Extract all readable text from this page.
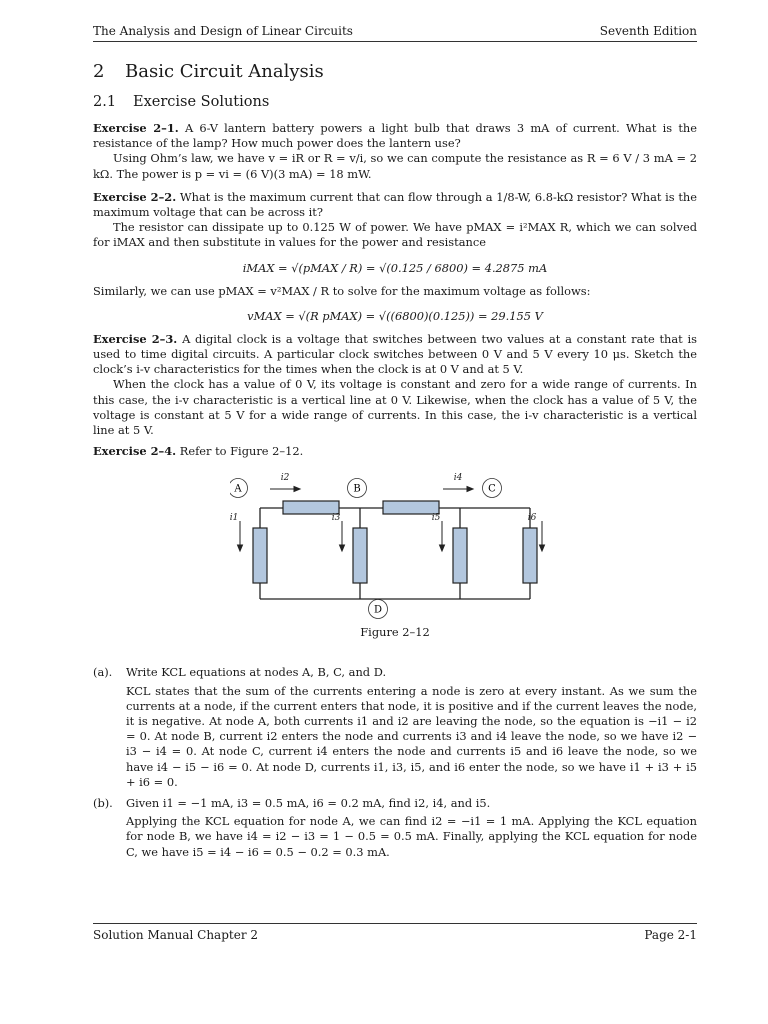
The Analysis and Design of Linear Circuits	Seventh Edition
2 Basic Circuit Analysis
2.1 Exercise Solutions

Exercise 2–1. A 6-V lantern battery powers a light bulb that draws 3 mA of current. What is the resistance of the lamp? How much power does the lantern use?

Using Ohm’s law, we have v = iR or R = v/i, so we can compute the resistance as R = 6 V / 3 mA = 2 kΩ. The power is p = vi = (6 V)(3 mA) = 18 mW.

Exercise 2–2. What is the maximum current that can flow through a 1/8-W, 6.8-kΩ resistor? What is the maximum voltage that can be across it?

The resistor can dissipate up to 0.125 W of power. We have pMAX = i²MAX R, which we can solved for iMAX and then substitute in values for the power and resistance

iMAX = √(pMAX / R) = √(0.125 / 6800) = 4.2875 mA

Similarly, we can use pMAX = v²MAX / R to solve for the maximum voltage as follows:

vMAX = √(R pMAX) = √((6800)(0.125)) = 29.155 V

Exercise 2–3. A digital clock is a voltage that switches between two values at a constant rate that is used to time digital circuits. A particular clock switches between 0 V and 5 V every 10 μs. Sketch the clock’s i-v characteristics for the times when the clock is at 0 V and at 5 V.

When the clock has a value of 0 V, its voltage is constant and zero for a wide range of currents. In this case, the i-v characteristic is a vertical line at 0 V. Likewise, when the clock has a value of 5 V, the voltage is constant at 5 V for a wide range of currents. In this case, the i-v characteristic is a vertical line at 5 V.

Exercise 2–4. Refer to Figure 2–12.

A	B	C
D
i2	i4
i1	i3	i5	i6
Figure 2–12
(a).	Write KCL equations at nodes A, B, C, and D.

KCL states that the sum of the currents entering a node is zero at every instant. As we sum the currents at a node, if the current enters that node, it is positive and if the current leaves the node, it is negative. At node A, both currents i1 and i2 are leaving the node, so the equation is −i1 − i2 = 0. At node B, current i2 enters the node and currents i3 and i4 leave the node, so we have i2 − i3 − i4 = 0. At node C, current i4 enters the node and currents i5 and i6 leave the node, so we have i4 − i5 − i6 = 0. At node D, currents i1, i3, i5, and i6 enter the node, so we have i1 + i3 + i5 + i6 = 0.

(b).	Given i1 = −1 mA, i3 = 0.5 mA, i6 = 0.2 mA, find i2, i4, and i5.

Applying the KCL equation for node A, we can find i2 = −i1 = 1 mA. Applying the KCL equation for node B, we have i4 = i2 − i3 = 1 − 0.5 = 0.5 mA. Finally, applying the KCL equation for node C, we have i5 = i4 − i6 = 0.5 − 0.2 = 0.3 mA.

Solution Manual Chapter 2	Page 2-1
